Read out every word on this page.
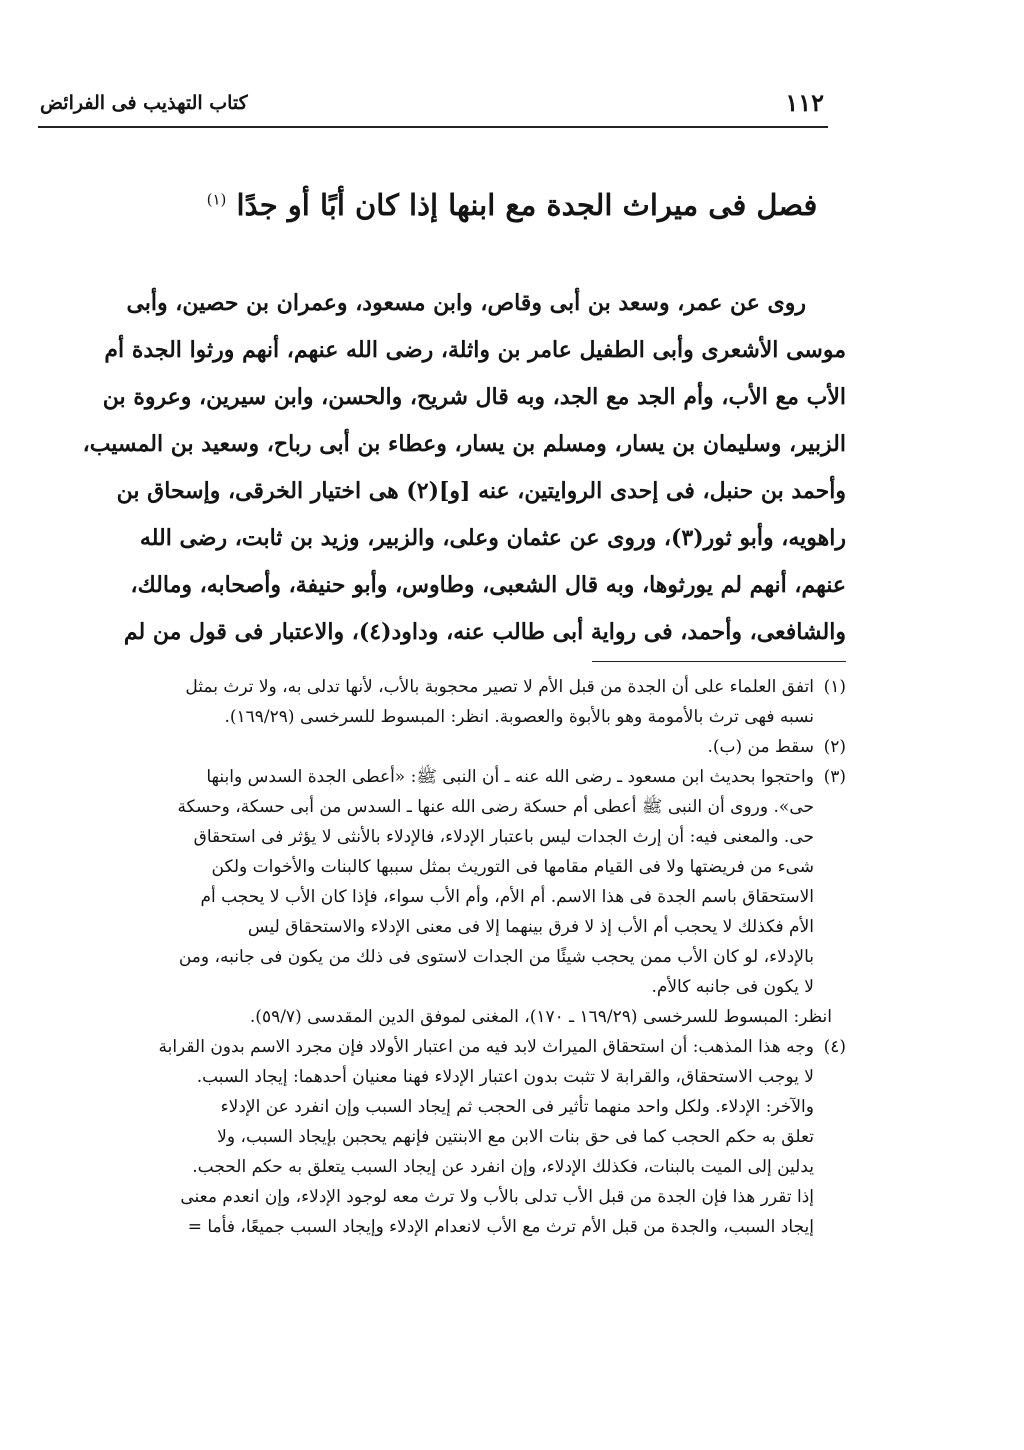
١١٢
كتاب التهذيب فى الفرائض
فصل فى ميراث الجدة مع ابنها إذا كان أبًا أو جدًا $^{(١)}$
روى عن عمر، وسعد بن أبى وقاص، وابن مسعود، وعمران بن حصين، وأبى
موسى الأشعرى وأبى الطفيل عامر بن واثلة، رضى الله عنهم، أنهم ورثوا الجدة أم
الأب مع الأب، وأم الجد مع الجد، وبه قال شريح، والحسن، وابن سيرين، وعروة بن
الزبير، وسليمان بن يسار، ومسلم بن يسار، وعطاء بن أبى رباح، وسعيد بن المسيب،
وأحمد بن حنبل، فى إحدى الروايتين، عنه [و](٢) هى اختيار الخرقى، وإسحاق بن
راهويه، وأبو ثور(٣)، وروى عن عثمان وعلى، والزبير، وزيد بن ثابت، رضى الله
عنهم، أنهم لم يورثوها، وبه قال الشعبى، وطاوس، وأبو حنيفة، وأصحابه، ومالك،
والشافعى، وأحمد، فى رواية أبى طالب عنه، وداود(٤)، والاعتبار فى قول من لم
(١)
اتفق العلماء على أن الجدة من قبل الأم لا تصير محجوبة بالأب، لأنها تدلى به، ولا ترث بمثل
نسبه فهى ترث بالأمومة وهو بالأبوة والعصوبة. انظر: المبسوط للسرخسى (١٦٩/٢٩).
(٢)
سقط من (ب).
(٣)
واحتجوا بحديث ابن مسعود ـ رضى الله عنه ـ أن النبى ﷺ: «أعطى الجدة السدس وابنها
حى». وروى أن النبى ﷺ أعطى أم حسكة رضى الله عنها ـ السدس من أبى حسكة، وحسكة
حى. والمعنى فيه: أن إرث الجدات ليس باعتبار الإدلاء، فالإدلاء بالأنثى لا يؤثر فى استحقاق
شىء من فريضتها ولا فى القيام مقامها فى التوريث بمثل سببها كالبنات والأخوات ولكن
الاستحقاق باسم الجدة فى هذا الاسم. أم الأم، وأم الأب سواء، فإذا كان الأب لا يحجب أم
الأم فكذلك لا يحجب أم الأب إذ لا فرق بينهما إلا فى معنى الإدلاء والاستحقاق ليس
بالإدلاء، لو كان الأب ممن يحجب شيئًا من الجدات لاستوى فى ذلك من يكون فى جانبه، ومن
لا يكون فى جانبه كالأم.
انظر: المبسوط للسرخسى (١٦٩/٢٩ ـ ١٧٠)، المغنى لموفق الدين المقدسى (٥٩/٧).
(٤)
وجه هذا المذهب: أن استحقاق الميراث لابد فيه من اعتبار الأولاد فإن مجرد الاسم بدون القرابة
لا يوجب الاستحقاق، والقرابة لا تثبت بدون اعتبار الإدلاء فهنا معنيان أحدهما: إيجاد السبب.
والآخر: الإدلاء. ولكل واحد منهما تأثير فى الحجب ثم إيجاد السبب وإن انفرد عن الإدلاء
تعلق به حكم الحجب كما فى حق بنات الابن مع الابنتين فإنهم يحجبن بإيجاد السبب، ولا
يدلين إلى الميت بالبنات، فكذلك الإدلاء، وإن انفرد عن إيجاد السبب يتعلق به حكم الحجب.
إذا تقرر هذا فإن الجدة من قبل الأب تدلى بالأب ولا ترث معه لوجود الإدلاء، وإن انعدم معنى
إيجاد السبب، والجدة من قبل الأم ترث مع الأب لانعدام الإدلاء وإيجاد السبب جميعًا، فأما =
